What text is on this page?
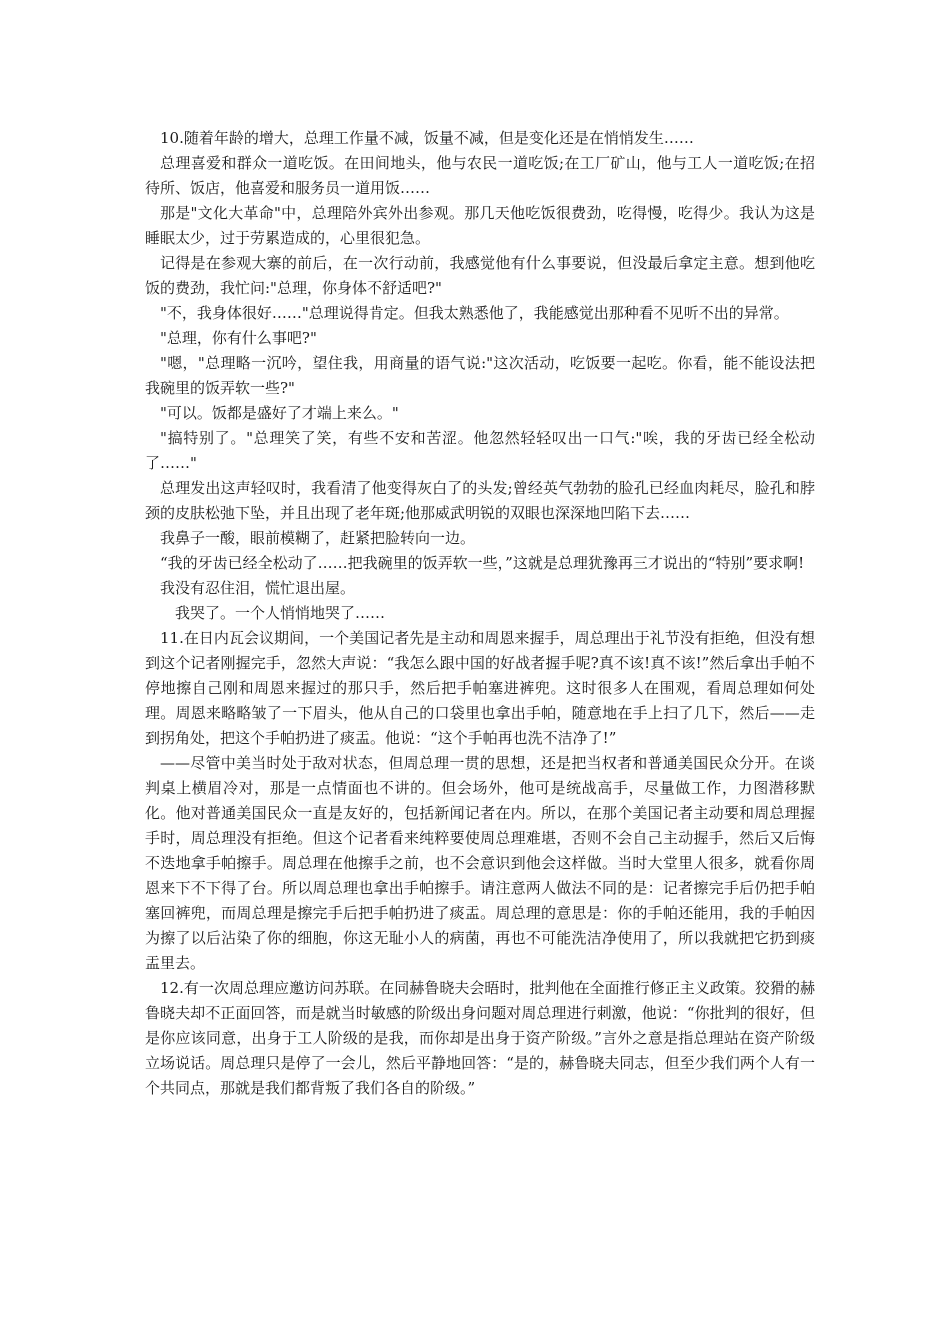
10.随着年龄的增大，总理工作量不减，饭量不减，但是变化还是在悄悄发生……

总理喜爱和群众一道吃饭。在田间地头，他与农民一道吃饭;在工厂矿山，他与工人一道吃饭;在招待所、饭店，他喜爱和服务员一道用饭……

那是"文化大革命"中，总理陪外宾外出参观。那几天他吃饭很费劲，吃得慢，吃得少。我认为这是睡眠太少，过于劳累造成的，心里很犯急。

记得是在参观大寨的前后，在一次行动前，我感觉他有什么事要说，但没最后拿定主意。想到他吃饭的费劲，我忙问:"总理，你身体不舒适吧?"

"不，我身体很好……"总理说得肯定。但我太熟悉他了，我能感觉出那种看不见听不出的异常。

"总理，你有什么事吧?"

"嗯，"总理略一沉吟，望住我，用商量的语气说:"这次活动，吃饭要一起吃。你看，能不能设法把我碗里的饭弄软一些?"

"可以。饭都是盛好了才端上来么。"

"搞特别了。"总理笑了笑，有些不安和苦涩。他忽然轻轻叹出一口气:"唉，我的牙齿已经全松动了……"

总理发出这声轻叹时，我看清了他变得灰白了的头发;曾经英气勃勃的脸孔已经血肉耗尽，脸孔和脖颈的皮肤松弛下坠，并且出现了老年斑;他那威武明锐的双眼也深深地凹陷下去……

我鼻子一酸，眼前模糊了，赶紧把脸转向一边。

“我的牙齿已经全松动了……把我碗里的饭弄软一些，”这就是总理犹豫再三才说出的“特别”要求啊!

我没有忍住泪，慌忙退出屋。

我哭了。一个人悄悄地哭了……

11.在日内瓦会议期间，一个美国记者先是主动和周恩来握手，周总理出于礼节没有拒绝，但没有想到这个记者刚握完手，忽然大声说：“我怎么跟中国的好战者握手呢?真不该!真不该!”然后拿出手帕不停地擦自己刚和周恩来握过的那只手，然后把手帕塞进裤兜。这时很多人在围观，看周总理如何处理。周恩来略略皱了一下眉头，他从自己的口袋里也拿出手帕，随意地在手上扫了几下，然后——走到拐角处，把这个手帕扔进了痰盂。他说：“这个手帕再也洗不洁净了!”

——尽管中美当时处于敌对状态，但周总理一贯的思想，还是把当权者和普通美国民众分开。在谈判桌上横眉冷对，那是一点情面也不讲的。但会场外，他可是统战高手，尽量做工作，力图潜移默化。他对普通美国民众一直是友好的，包括新闻记者在内。所以，在那个美国记者主动要和周总理握手时，周总理没有拒绝。但这个记者看来纯粹要使周总理难堪，否则不会自己主动握手，然后又后悔不迭地拿手帕擦手。周总理在他擦手之前，也不会意识到他会这样做。当时大堂里人很多，就看你周恩来下不下得了台。所以周总理也拿出手帕擦手。请注意两人做法不同的是：记者擦完手后仍把手帕塞回裤兜，而周总理是擦完手后把手帕扔进了痰盂。周总理的意思是：你的手帕还能用，我的手帕因为擦了以后沾染了你的细胞，你这无耻小人的病菌，再也不可能洗洁净使用了，所以我就把它扔到痰盂里去。

12.有一次周总理应邀访问苏联。在同赫鲁晓夫会晤时，批判他在全面推行修正主义政策。狡猾的赫鲁晓夫却不正面回答，而是就当时敏感的阶级出身问题对周总理进行刺激，他说：“你批判的很好，但是你应该同意，出身于工人阶级的是我，而你却是出身于资产阶级。”言外之意是指总理站在资产阶级立场说话。周总理只是停了一会儿，然后平静地回答：“是的，赫鲁晓夫同志，但至少我们两个人有一个共同点，那就是我们都背叛了我们各自的阶级。”
